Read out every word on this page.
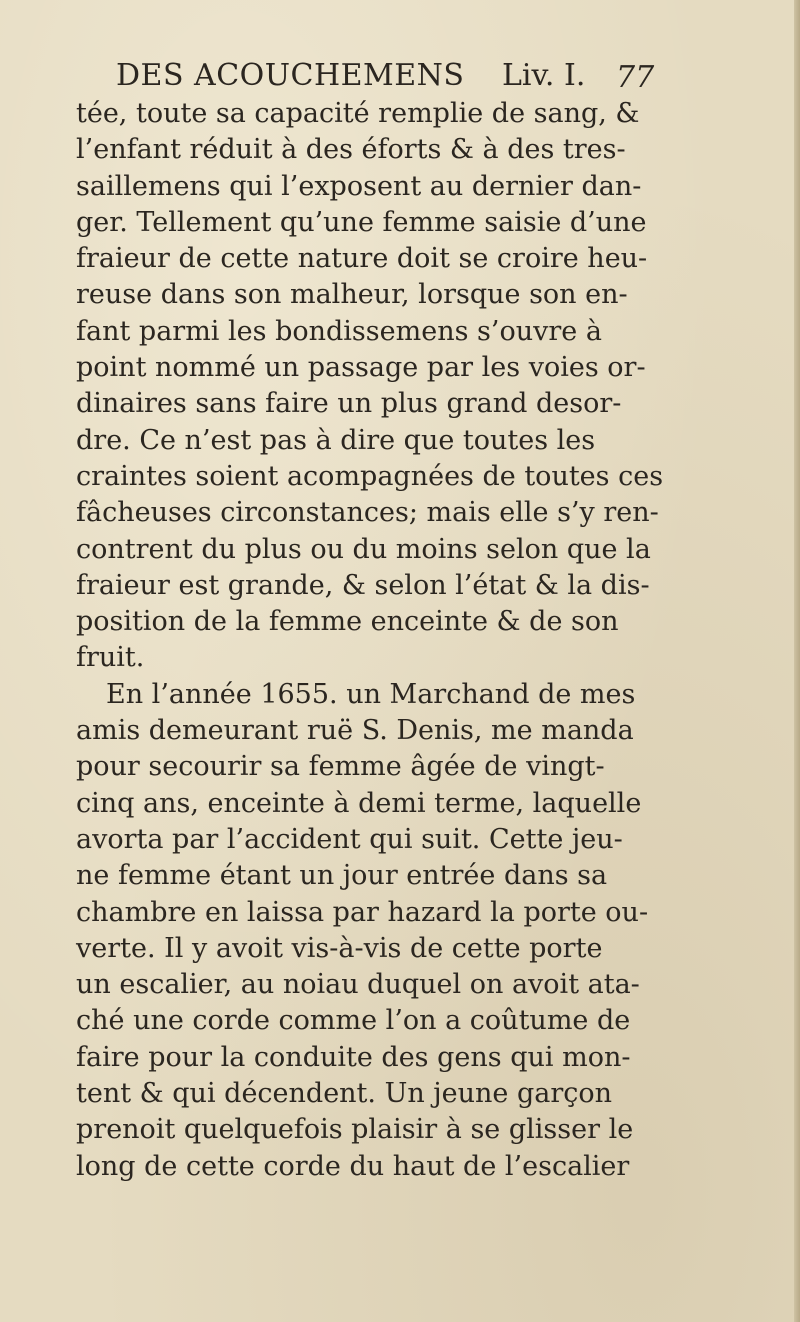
DES ACOUCHEMENS Liv. I. 77
tée, toute sa capacité remplie de sang, &
l’enfant réduit à des éforts & à des tres-
saillemens qui l’exposent au dernier dan-
ger. Tellement qu’une femme saisie d’une
fraieur de cette nature doit se croire heu-
reuse dans son malheur, lorsque son en-
fant parmi les bondissemens s’ouvre à
point nommé un passage par les voies or-
dinaires sans faire un plus grand desor-
dre. Ce n’est pas à dire que toutes les
craintes soient acompagnées de toutes ces
fâcheuses circonstances; mais elle s’y ren-
contrent du plus ou du moins selon que la
fraieur est grande, & selon l’état & la dis-
position de la femme enceinte & de son
fruit.
En l’année 1655. un Marchand de mes
amis demeurant ruë S. Denis, me manda
pour secourir sa femme âgée de vingt-
cinq ans, enceinte à demi terme, laquelle
avorta par l’accident qui suit. Cette jeu-
ne femme étant un jour entrée dans sa
chambre en laissa par hazard la porte ou-
verte. Il y avoit vis-à-vis de cette porte
un escalier, au noiau duquel on avoit ata-
ché une corde comme l’on a coûtume de
faire pour la conduite des gens qui mon-
tent & qui décendent. Un jeune garçon
prenoit quelquefois plaisir à se glisser le
long de cette corde du haut de l’escalier
